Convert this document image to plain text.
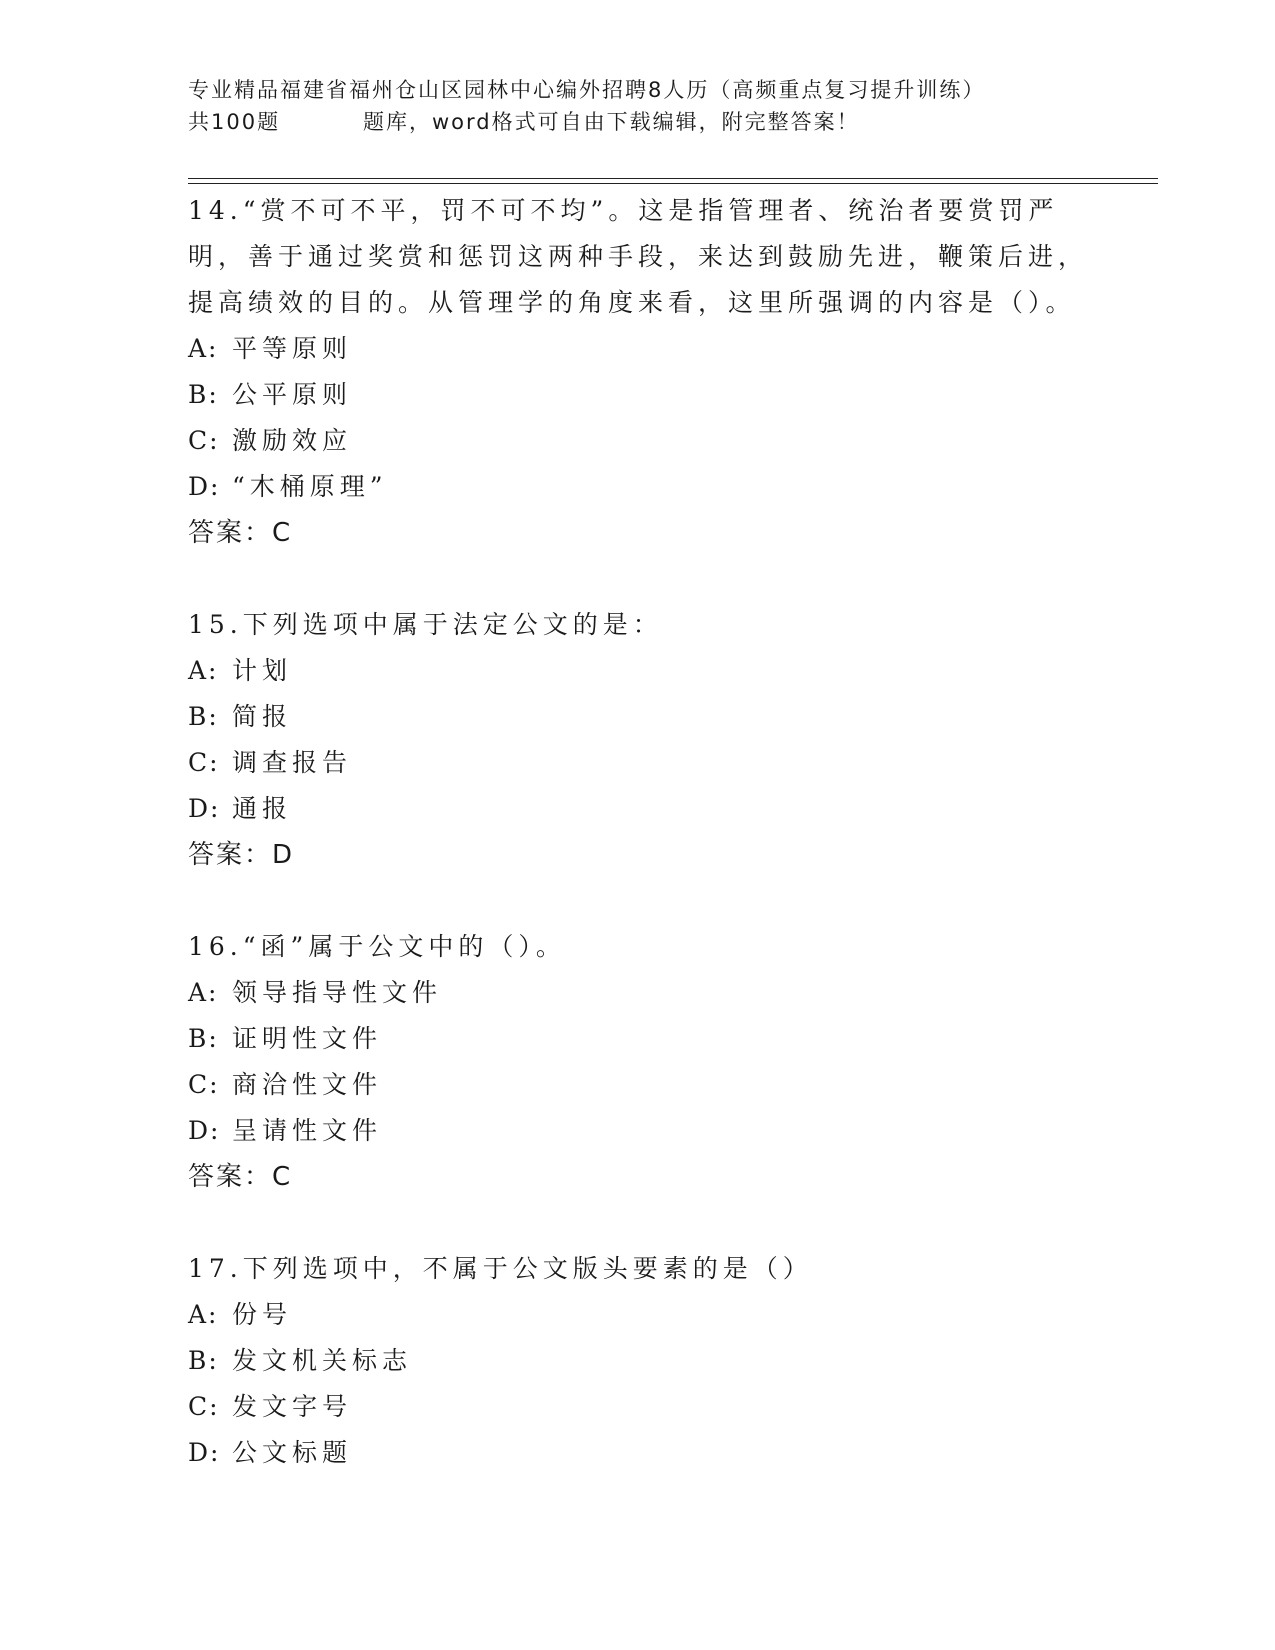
专业精品福建省福州仓山区园林中心编外招聘8人历（高频重点复习提升训练）
共100题	题库，word格式可自由下载编辑，附完整答案！

14.“赏不可不平，罚不可不均”。这是指管理者、统治者要赏罚严明，善于通过奖赏和惩罚这两种手段，来达到鼓励先进，鞭策后进，提高绩效的目的。从管理学的角度来看，这里所强调的内容是（）。

A: 平等原则
B: 公平原则
C: 激励效应
D: “木桶原理”
答案：C

15.下列选项中属于法定公文的是：

A: 计划
B: 简报
C: 调查报告
D: 通报
答案：D

16.“函”属于公文中的（）。

A: 领导指导性文件
B: 证明性文件
C: 商洽性文件
D: 呈请性文件
答案：C

17.下列选项中，不属于公文版头要素的是（）

A: 份号
B: 发文机关标志
C: 发文字号
D: 公文标题
